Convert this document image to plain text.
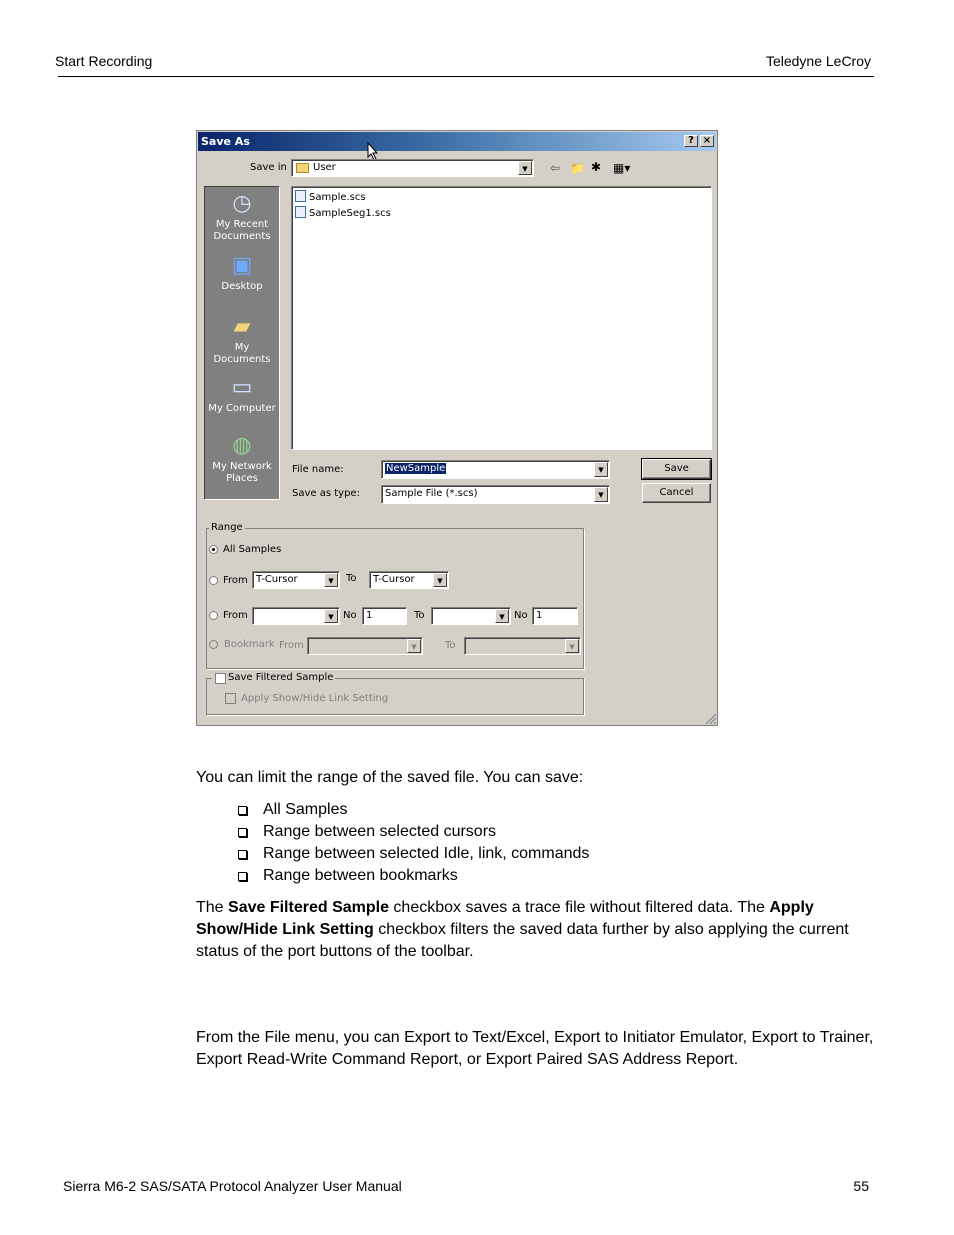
Start Recording	Teledyne LeCroy
Save As	? ×
Save in	User	▼	⇦ 📁 ✱ ▦▾
◷
My Recent
Documents
▣
Desktop
▰
My Documents
▭
My Computer
◍
My Network
Places
Sample.scs
SampleSeg1.scs
File name:	NewSample	▼
Save as type:	Sample File (*.scs)	▼
Save
Cancel
Range
All Samples
From T-Cursor	▼	To T-Cursor	▼
From	▼ No 1	To	▼ No 1
Bookmark From	▼	To	▼
Save Filtered Sample
Apply Show/Hide Link Setting
You can limit the range of the saved file. You can save:
All Samples
Range between selected cursors
Range between selected Idle, link, commands
Range between bookmarks
The Save Filtered Sample checkbox saves a trace file without filtered data. The Apply Show/Hide Link Setting checkbox filters the saved data further by also applying the current status of the port buttons of the toolbar.
From the File menu, you can Export to Text/Excel, Export to Initiator Emulator, Export to Trainer, Export Read-Write Command Report, or Export Paired SAS Address Report.
Sierra M6-2 SAS/SATA Protocol Analyzer User Manual	55
